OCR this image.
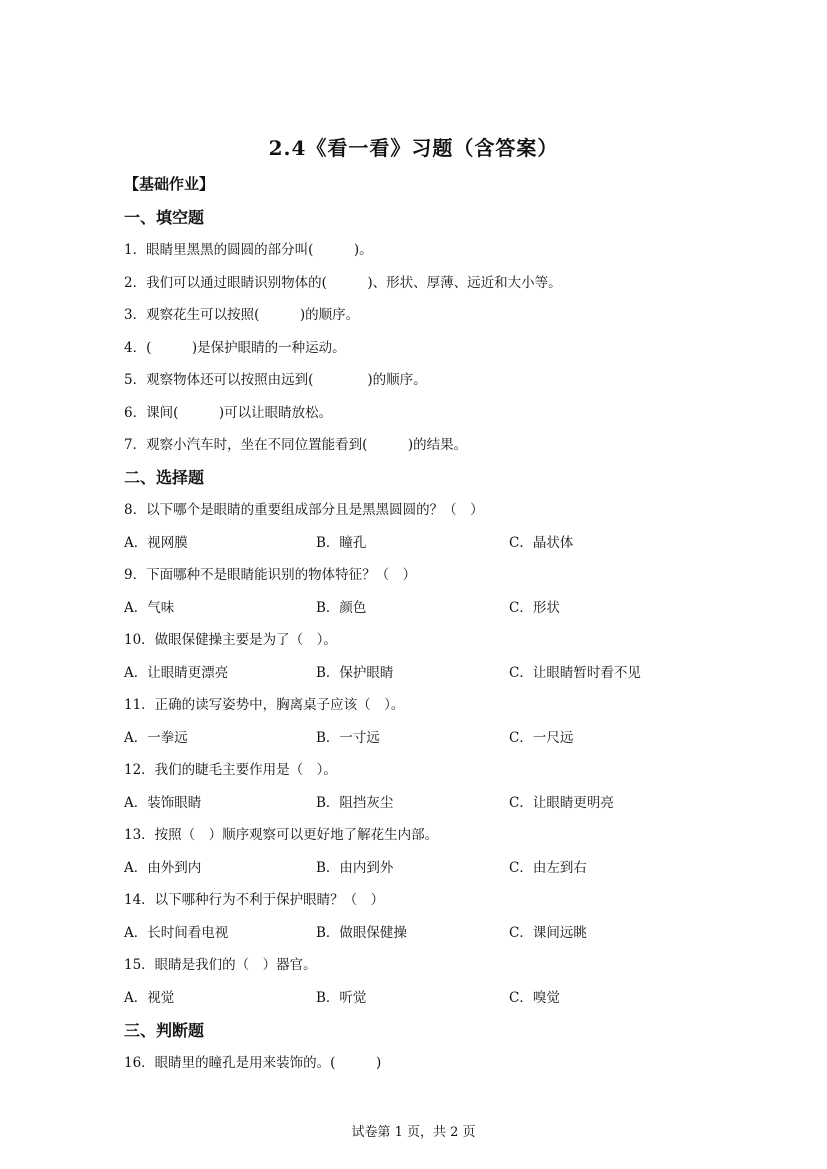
2.4《看一看》习题（含答案）
【基础作业】
一、填空题
1．眼睛里黑黑的圆圆的部分叫(　　　)。
2．我们可以通过眼睛识别物体的(　　　)、形状、厚薄、远近和大小等。
3．观察花生可以按照(　　　)的顺序。
4．(　　　)是保护眼睛的一种运动。
5．观察物体还可以按照由远到(　　　　)的顺序。
6．课间(　　　)可以让眼睛放松。
7．观察小汽车时，坐在不同位置能看到(　　　)的结果。
二、选择题
8．以下哪个是眼睛的重要组成部分且是黑黑圆圆的？（　）
A．视网膜	B．瞳孔	C．晶状体
9．下面哪种不是眼睛能识别的物体特征？（　）
A．气味	B．颜色	C．形状
10．做眼保健操主要是为了（　）。
A．让眼睛更漂亮	B．保护眼睛	C．让眼睛暂时看不见
11．正确的读写姿势中，胸离桌子应该（　）。
A．一拳远	B．一寸远	C．一尺远
12．我们的睫毛主要作用是（　）。
A．装饰眼睛	B．阻挡灰尘	C．让眼睛更明亮
13．按照（　）顺序观察可以更好地了解花生内部。
A．由外到内	B．由内到外	C．由左到右
14．以下哪种行为不利于保护眼睛？（　）
A．长时间看电视	B．做眼保健操	C．课间远眺
15．眼睛是我们的（　）器官。
A．视觉	B．听觉	C．嗅觉
三、判断题
16．眼睛里的瞳孔是用来装饰的。(　　　)
试卷第 1 页，共 2 页
